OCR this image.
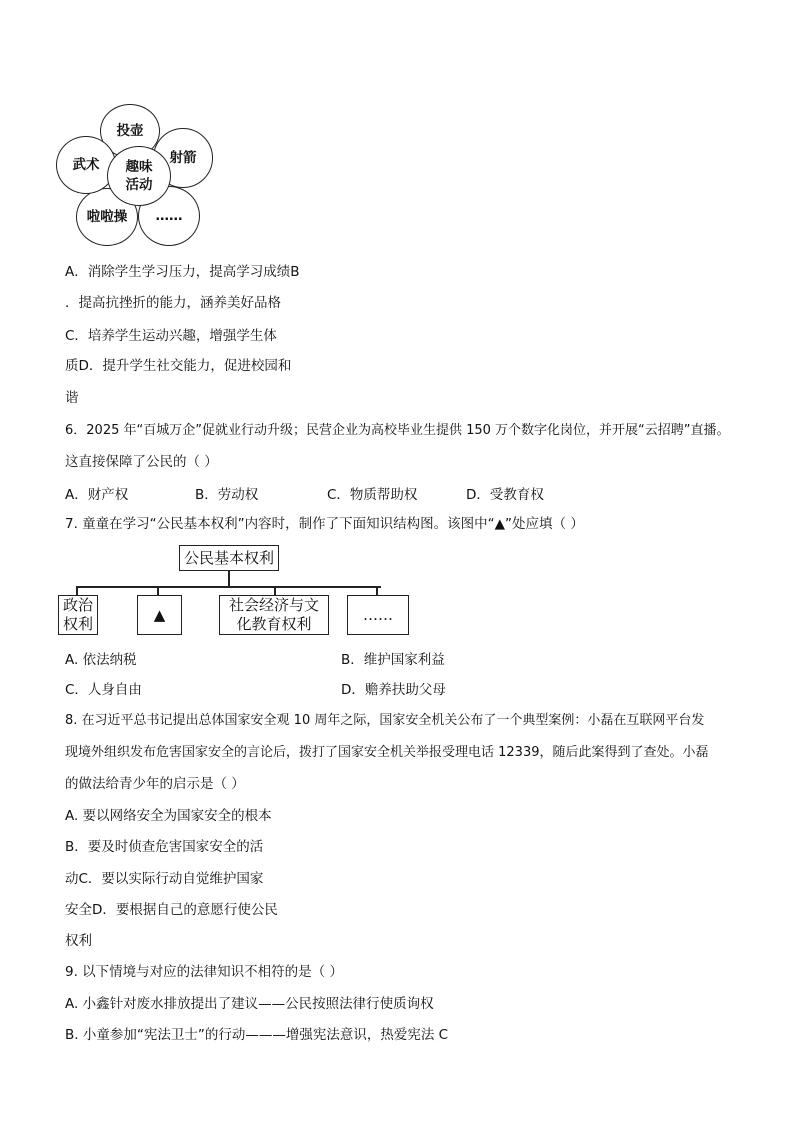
投壶
射箭
……
啦啦操
武术	趣味活动
A．消除学生学习压力，提高学习成绩B
．提高抗挫折的能力，涵养美好品格
C．培养学生运动兴趣，增强学生体
质D．提升学生社交能力，促进校园和
谐
6．2025 年“百城万企”促就业行动升级；民营企业为高校毕业生提供 150 万个数字化岗位，并开展“云招聘”直播。
这直接保障了公民的（ ）
A．财产权	B．劳动权	C．物质帮助权	D．受教育权
7. 童童在学习“公民基本权利”内容时，制作了下面知识结构图。该图中“▲”处应填（ ）
公民基本权利
政治权利
▲
社会经济与文化教育权利
……
A. 依法纳税	B．维护国家利益
C．人身自由	D．赡养扶助父母
8. 在习近平总书记提出总体国家安全观 10 周年之际，国家安全机关公布了一个典型案例：小磊在互联网平台发
现境外组织发布危害国家安全的言论后，拨打了国家安全机关举报受理电话 12339，随后此案得到了查处。小磊
的做法给青少年的启示是（ ）
A. 要以网络安全为国家安全的根本
B．要及时侦查危害国家安全的活
动C．要以实际行动自觉维护国家
安全D．要根据自己的意愿行使公民
权利
9. 以下情境与对应的法律知识不相符的是（ ）
A. 小鑫针对废水排放提出了建议——公民按照法律行使质询权
B. 小童参加“宪法卫士”的行动———增强宪法意识，热爱宪法 C
